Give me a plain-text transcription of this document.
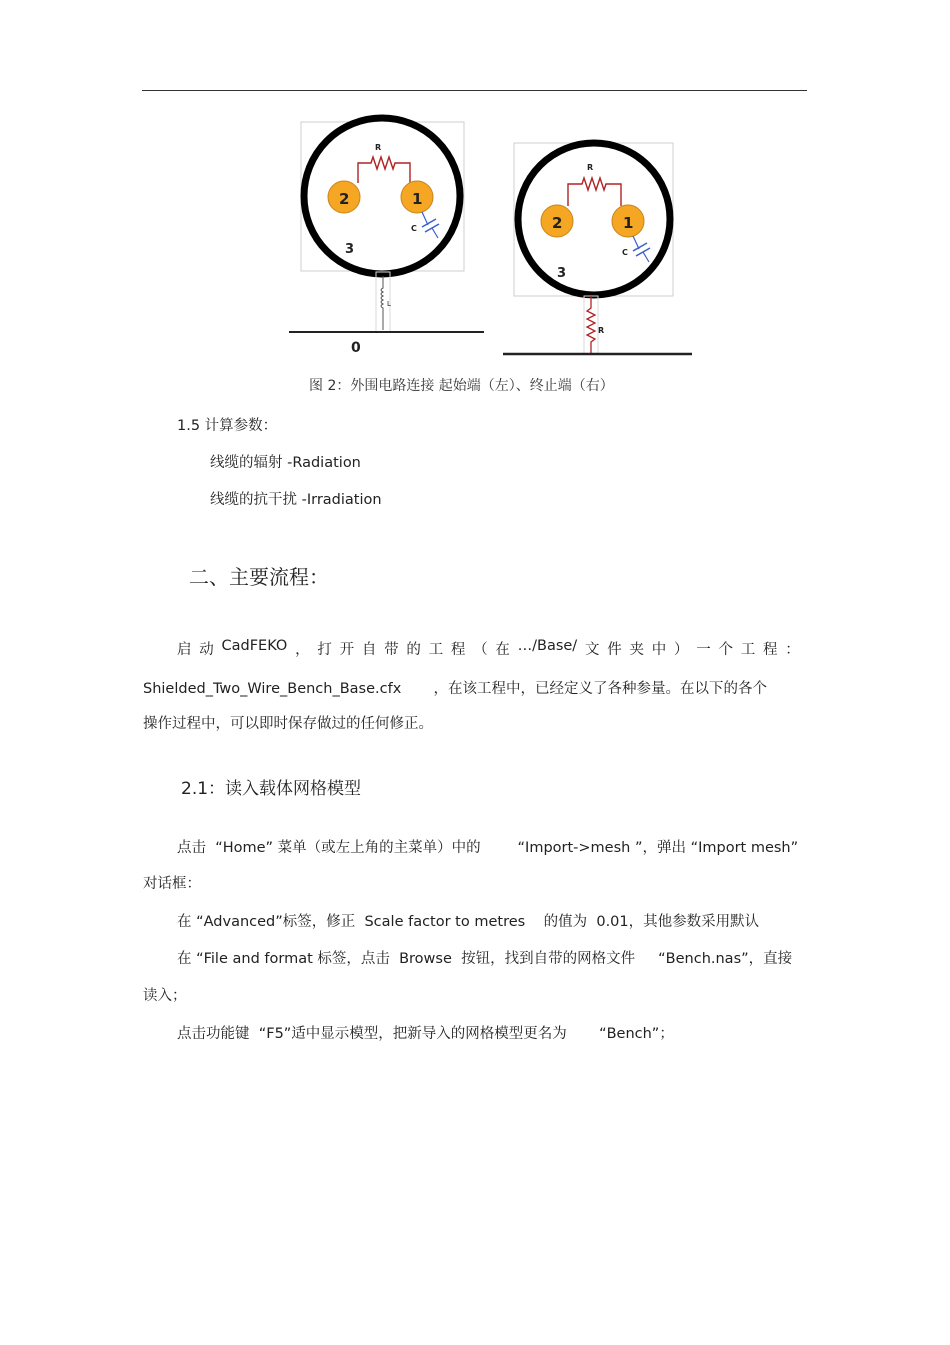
R
2	1
C
3
L
0
R
2	1
C
3
R
图 2：外围电路连接 起始端（左）、终止端（右）
1.5 计算参数：
线缆的辐射 -Radiation
线缆的抗干扰 -Irradiation
二、主要流程：
启 动 CadFEKO ， 打 开 自 带 的 工 程 （ 在 …/Base/ 文 件 夹 中 ） 一 个 工 程 ：
Shielded_Two_Wire_Bench_Base.cfx       ，在该工程中，已经定义了各种参量。在以下的各个
操作过程中，可以即时保存做过的任何修正。
2.1：读入载体网格模型
点击  “Home” 菜单（或左上角的主菜单）中的        “Import->mesh ”，弹出 “Import mesh”
对话框：
在 “Advanced”标签，修正  Scale factor to metres    的值为  0.01，其他参数采用默认
在 “File and format 标签，点击  Browse  按钮，找到自带的网格文件     “Bench.nas”，直接
读入；
点击功能键  “F5”适中显示模型，把新导入的网格模型更名为       “Bench”；
